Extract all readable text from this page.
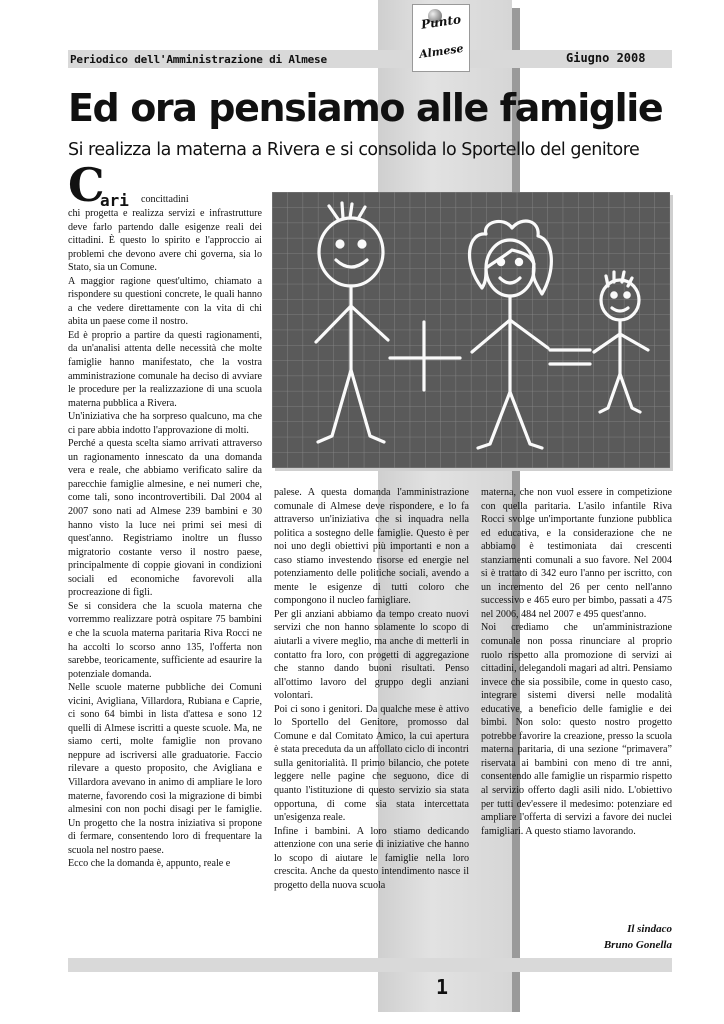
Periodico dell'Amministrazione di Almese	Giugno 2008
Punto
Almese
Ed ora pensiamo alle famiglie
Si realizza la materna a Rivera e si consolida lo Sportello del genitore
C
ari concittadini

chi progetta e realizza servizi e infrastrutture deve farlo partendo dalle esigenze reali dei cittadini. È questo lo spirito e l'approccio ai problemi che devono avere chi governa, sia lo Stato, sia un Comune.

A maggior ragione quest'ultimo, chiamato a rispondere su questioni concrete, le quali hanno a che vedere direttamente con la vita di chi abita un paese come il nostro.

Ed è proprio a partire da questi ragionamenti, da un'analisi attenta delle necessità che molte famiglie hanno manifestato, che la vostra amministrazione comunale ha deciso di avviare le procedure per la realizzazione di una scuola materna pubblica a Rivera.

Un'iniziativa che ha sorpreso qualcuno, ma che ci pare abbia indotto l'approvazione di molti.

Perché a questa scelta siamo arrivati attraverso un ragionamento innescato da una domanda vera e reale, che abbiamo verificato salire da parecchie famiglie almesine, e nei numeri che, come tali, sono incontrovertibili. Dal 2004 al 2007 sono nati ad Almese 239 bambini e 30 hanno visto la luce nei primi sei mesi di quest'anno. Registriamo inoltre un flusso migratorio costante verso il nostro paese, principalmente di coppie giovani in condizioni sociali ed economiche favorevoli alla procreazione di figli.

Se si considera che la scuola materna che vorremmo realizzare potrà ospitare 75 bambini e che la scuola materna paritaria Riva Rocci ne ha accolti lo scorso anno 135, l'offerta non sarebbe, teoricamente, sufficiente ad esaurire la potenziale domanda.

Nelle scuole materne pubbliche dei Comuni vicini, Avigliana, Villardora, Rubiana e Caprie, ci sono 64 bimbi in lista d'attesa e sono 12 quelli di Almese iscritti a queste scuole. Ma, ne siamo certi, molte famiglie non provano neppure ad iscriversi alle graduatorie. Faccio rilevare a questo proposito, che Avigliana e Villardora avevano in animo di ampliare le loro materne, favorendo così la migrazione di bimbi almesini con non pochi disagi per le famiglie. Un progetto che la nostra iniziativa si propone di fermare, consentendo loro di frequentare la scuola nel nostro paese.

Ecco che la domanda è, appunto, reale e

palese. A questa domanda l'amministrazione comunale di Almese deve rispondere, e lo fa attraverso un'iniziativa che si inquadra nella politica a sostegno delle famiglie. Questo è per noi uno degli obiettivi più importanti e non a caso stiamo investendo risorse ed energie nel potenziamento delle politiche sociali, avendo a mente le esigenze di tutti coloro che compongono il nucleo famigliare.

Per gli anziani abbiamo da tempo creato nuovi servizi che non hanno solamente lo scopo di aiutarli a vivere meglio, ma anche di metterli in contatto fra loro, con progetti di aggregazione che stanno dando buoni risultati. Penso all'ottimo lavoro del gruppo degli anziani volontari.

Poi ci sono i genitori. Da qualche mese è attivo lo Sportello del Genitore, promosso dal Comune e dal Comitato Amico, la cui apertura è stata preceduta da un affollato ciclo di incontri sulla genitorialità. Il primo bilancio, che potete leggere nelle pagine che seguono, dice di quanto l'istituzione di questo servizio sia stata opportuna, di come sia stata intercettata un'esigenza reale.

Infine i bambini. A loro stiamo dedicando attenzione con una serie di iniziative che hanno lo scopo di aiutare le famiglie nella loro crescita. Anche da questo intendimento nasce il progetto della nuova scuola

materna, che non vuol essere in competizione con quella paritaria. L'asilo infantile Riva Rocci svolge un'importante funzione pubblica ed educativa, e la considerazione che ne abbiamo è testimoniata dai crescenti stanziamenti comunali a suo favore. Nel 2004 si è trattato di 342 euro l'anno per iscritto, con un incremento del 26 per cento nell'anno successivo e 465 euro per bimbo, passati a 475 nel 2006, 484 nel 2007 e 495 quest'anno.

Noi crediamo che un'amministrazione comunale non possa rinunciare al proprio ruolo rispetto alla promozione di servizi ai cittadini, delegandoli magari ad altri. Pensiamo invece che sia possibile, come in questo caso, integrare sistemi diversi nelle modalità educative, a beneficio delle famiglie e dei bimbi. Non solo: questo nostro progetto potrebbe favorire la creazione, presso la scuola materna paritaria, di una sezione “primavera” riservata ai bambini con meno di tre anni, consentendo alle famiglie un risparmio rispetto al servizio offerto dagli asili nido. L'obiettivo per tutti dev'essere il medesimo: potenziare ed ampliare l'offerta di servizi a favore dei nuclei famigliari. A questo stiamo lavorando.

Il sindaco
Bruno Gonella
1
